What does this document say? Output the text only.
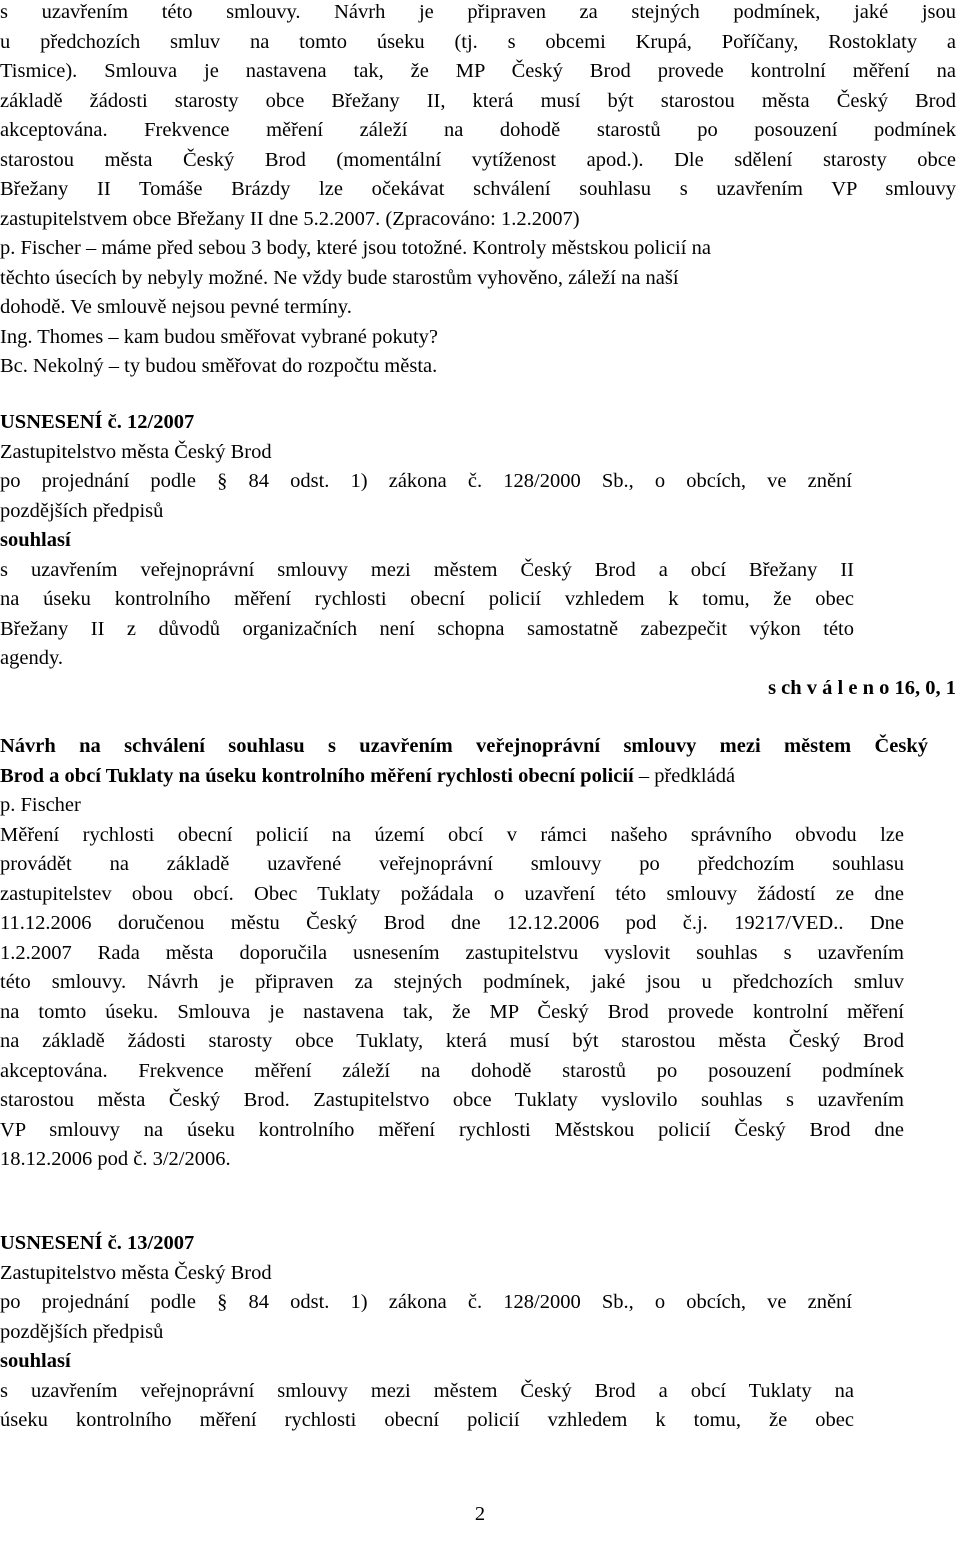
s uzavřením této smlouvy. Návrh je připraven za stejných podmínek, jaké jsou
u předchozích smluv na tomto úseku (tj. s obcemi Krupá, Poříčany, Rostoklaty a
Tismice). Smlouva je nastavena tak, že MP Český Brod provede kontrolní měření na
základě žádosti starosty obce Břežany II, která musí být starostou města Český Brod
akceptována. Frekvence měření záleží na dohodě starostů po posouzení podmínek
starostou města Český Brod (momentální vytíženost apod.). Dle sdělení starosty obce
Břežany II Tomáše Brázdy lze očekávat schválení souhlasu s uzavřením VP smlouvy
zastupitelstvem obce Břežany II dne 5.2.2007. (Zpracováno: 1.2.2007)
p. Fischer – máme před sebou 3 body, které jsou totožné. Kontroly městskou policií na
těchto úsecích by nebyly možné. Ne vždy bude starostům vyhověno, záleží na naší
dohodě. Ve smlouvě nejsou pevné termíny.
Ing. Thomes – kam budou směřovat vybrané pokuty?
Bc. Nekolný – ty budou směřovat do rozpočtu města.
USNESENÍ č. 12/2007
Zastupitelstvo města Český Brod
po projednání podle § 84 odst. 1) zákona č. 128/2000 Sb., o obcích, ve znění
pozdějších předpisů
souhlasí
s uzavřením veřejnoprávní smlouvy mezi městem Český Brod a obcí Břežany II
na úseku kontrolního měření rychlosti obecní policií vzhledem k tomu, že obec
Břežany II z důvodů organizačních není schopna samostatně zabezpečit výkon této
agendy.
s ch v á l e n o 16, 0, 1
Návrh na schválení souhlasu s uzavřením veřejnoprávní smlouvy mezi městem Český
Brod a obcí Tuklaty na úseku kontrolního měření rychlosti obecní policií – předkládá
p. Fischer
Měření rychlosti obecní policií na území obcí v rámci našeho správního obvodu lze
provádět na základě uzavřené veřejnoprávní smlouvy po předchozím souhlasu
zastupitelstev obou obcí. Obec Tuklaty požádala o uzavření této smlouvy žádostí ze dne
11.12.2006 doručenou městu Český Brod dne 12.12.2006 pod č.j. 19217/VED.. Dne
1.2.2007 Rada města doporučila usnesením zastupitelstvu vyslovit souhlas s uzavřením
této smlouvy. Návrh je připraven za stejných podmínek, jaké jsou u předchozích smluv
na tomto úseku. Smlouva je nastavena tak, že MP Český Brod provede kontrolní měření
na základě žádosti starosty obce Tuklaty, která musí být starostou města Český Brod
akceptována. Frekvence měření záleží na dohodě starostů po posouzení podmínek
starostou města Český Brod. Zastupitelstvo obce Tuklaty vyslovilo souhlas s uzavřením
VP smlouvy na úseku kontrolního měření rychlosti Městskou policií Český Brod dne
18.12.2006 pod č. 3/2/2006.
USNESENÍ č. 13/2007
Zastupitelstvo města Český Brod
po projednání podle § 84 odst. 1) zákona č. 128/2000 Sb., o obcích, ve znění
pozdějších předpisů
souhlasí
s uzavřením veřejnoprávní smlouvy mezi městem Český Brod a obcí Tuklaty na
úseku kontrolního měření rychlosti obecní policií vzhledem k tomu, že obec
2
